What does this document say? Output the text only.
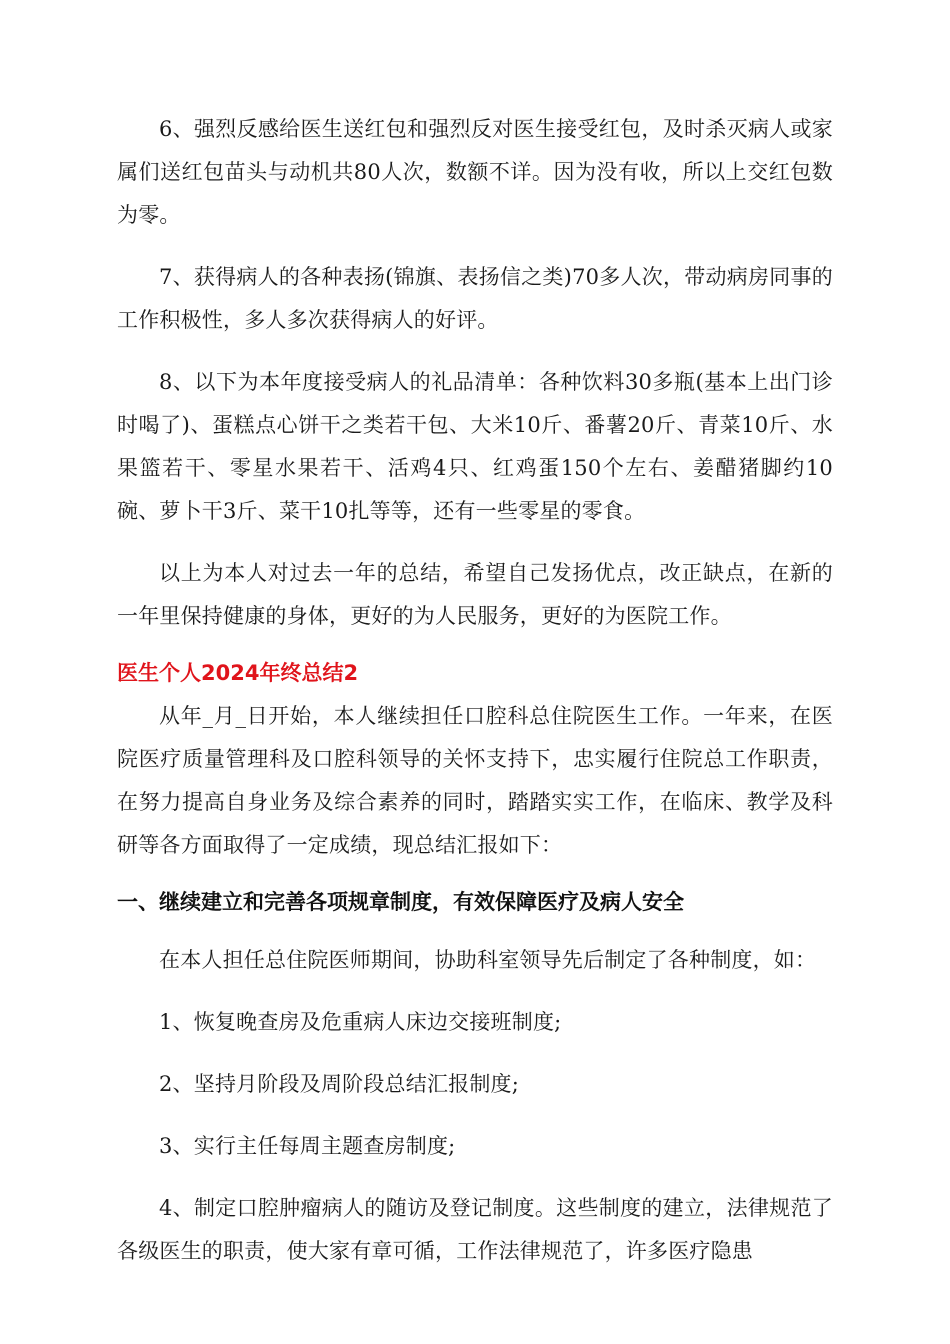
6、强烈反感给医生送红包和强烈反对医生接受红包，及时杀灭病人或家属们送红包苗头与动机共80人次，数额不详。因为没有收，所以上交红包数为零。

7、获得病人的各种表扬(锦旗、表扬信之类)70多人次，带动病房同事的工作积极性，多人多次获得病人的好评。

8、以下为本年度接受病人的礼品清单：各种饮料30多瓶(基本上出门诊时喝了)、蛋糕点心饼干之类若干包、大米10斤、番薯20斤、青菜10斤、水果篮若干、零星水果若干、活鸡4只、红鸡蛋150个左右、姜醋猪脚约10碗、萝卜干3斤、菜干10扎等等，还有一些零星的零食。

以上为本人对过去一年的总结，希望自己发扬优点，改正缺点，在新的一年里保持健康的身体，更好的为人民服务，更好的为医院工作。

医生个人2024年终总结2

从年_月_日开始，本人继续担任口腔科总住院医生工作。一年来，在医院医疗质量管理科及口腔科领导的关怀支持下，忠实履行住院总工作职责，在努力提高自身业务及综合素养的同时，踏踏实实工作，在临床、教学及科研等各方面取得了一定成绩，现总结汇报如下：

一、继续建立和完善各项规章制度，有效保障医疗及病人安全

在本人担任总住院医师期间，协助科室领导先后制定了各种制度，如：

1、恢复晚查房及危重病人床边交接班制度;

2、坚持月阶段及周阶段总结汇报制度;

3、实行主任每周主题查房制度;

4、制定口腔肿瘤病人的随访及登记制度。这些制度的建立，法律规范了各级医生的职责，使大家有章可循，工作法律规范了，许多医疗隐患
